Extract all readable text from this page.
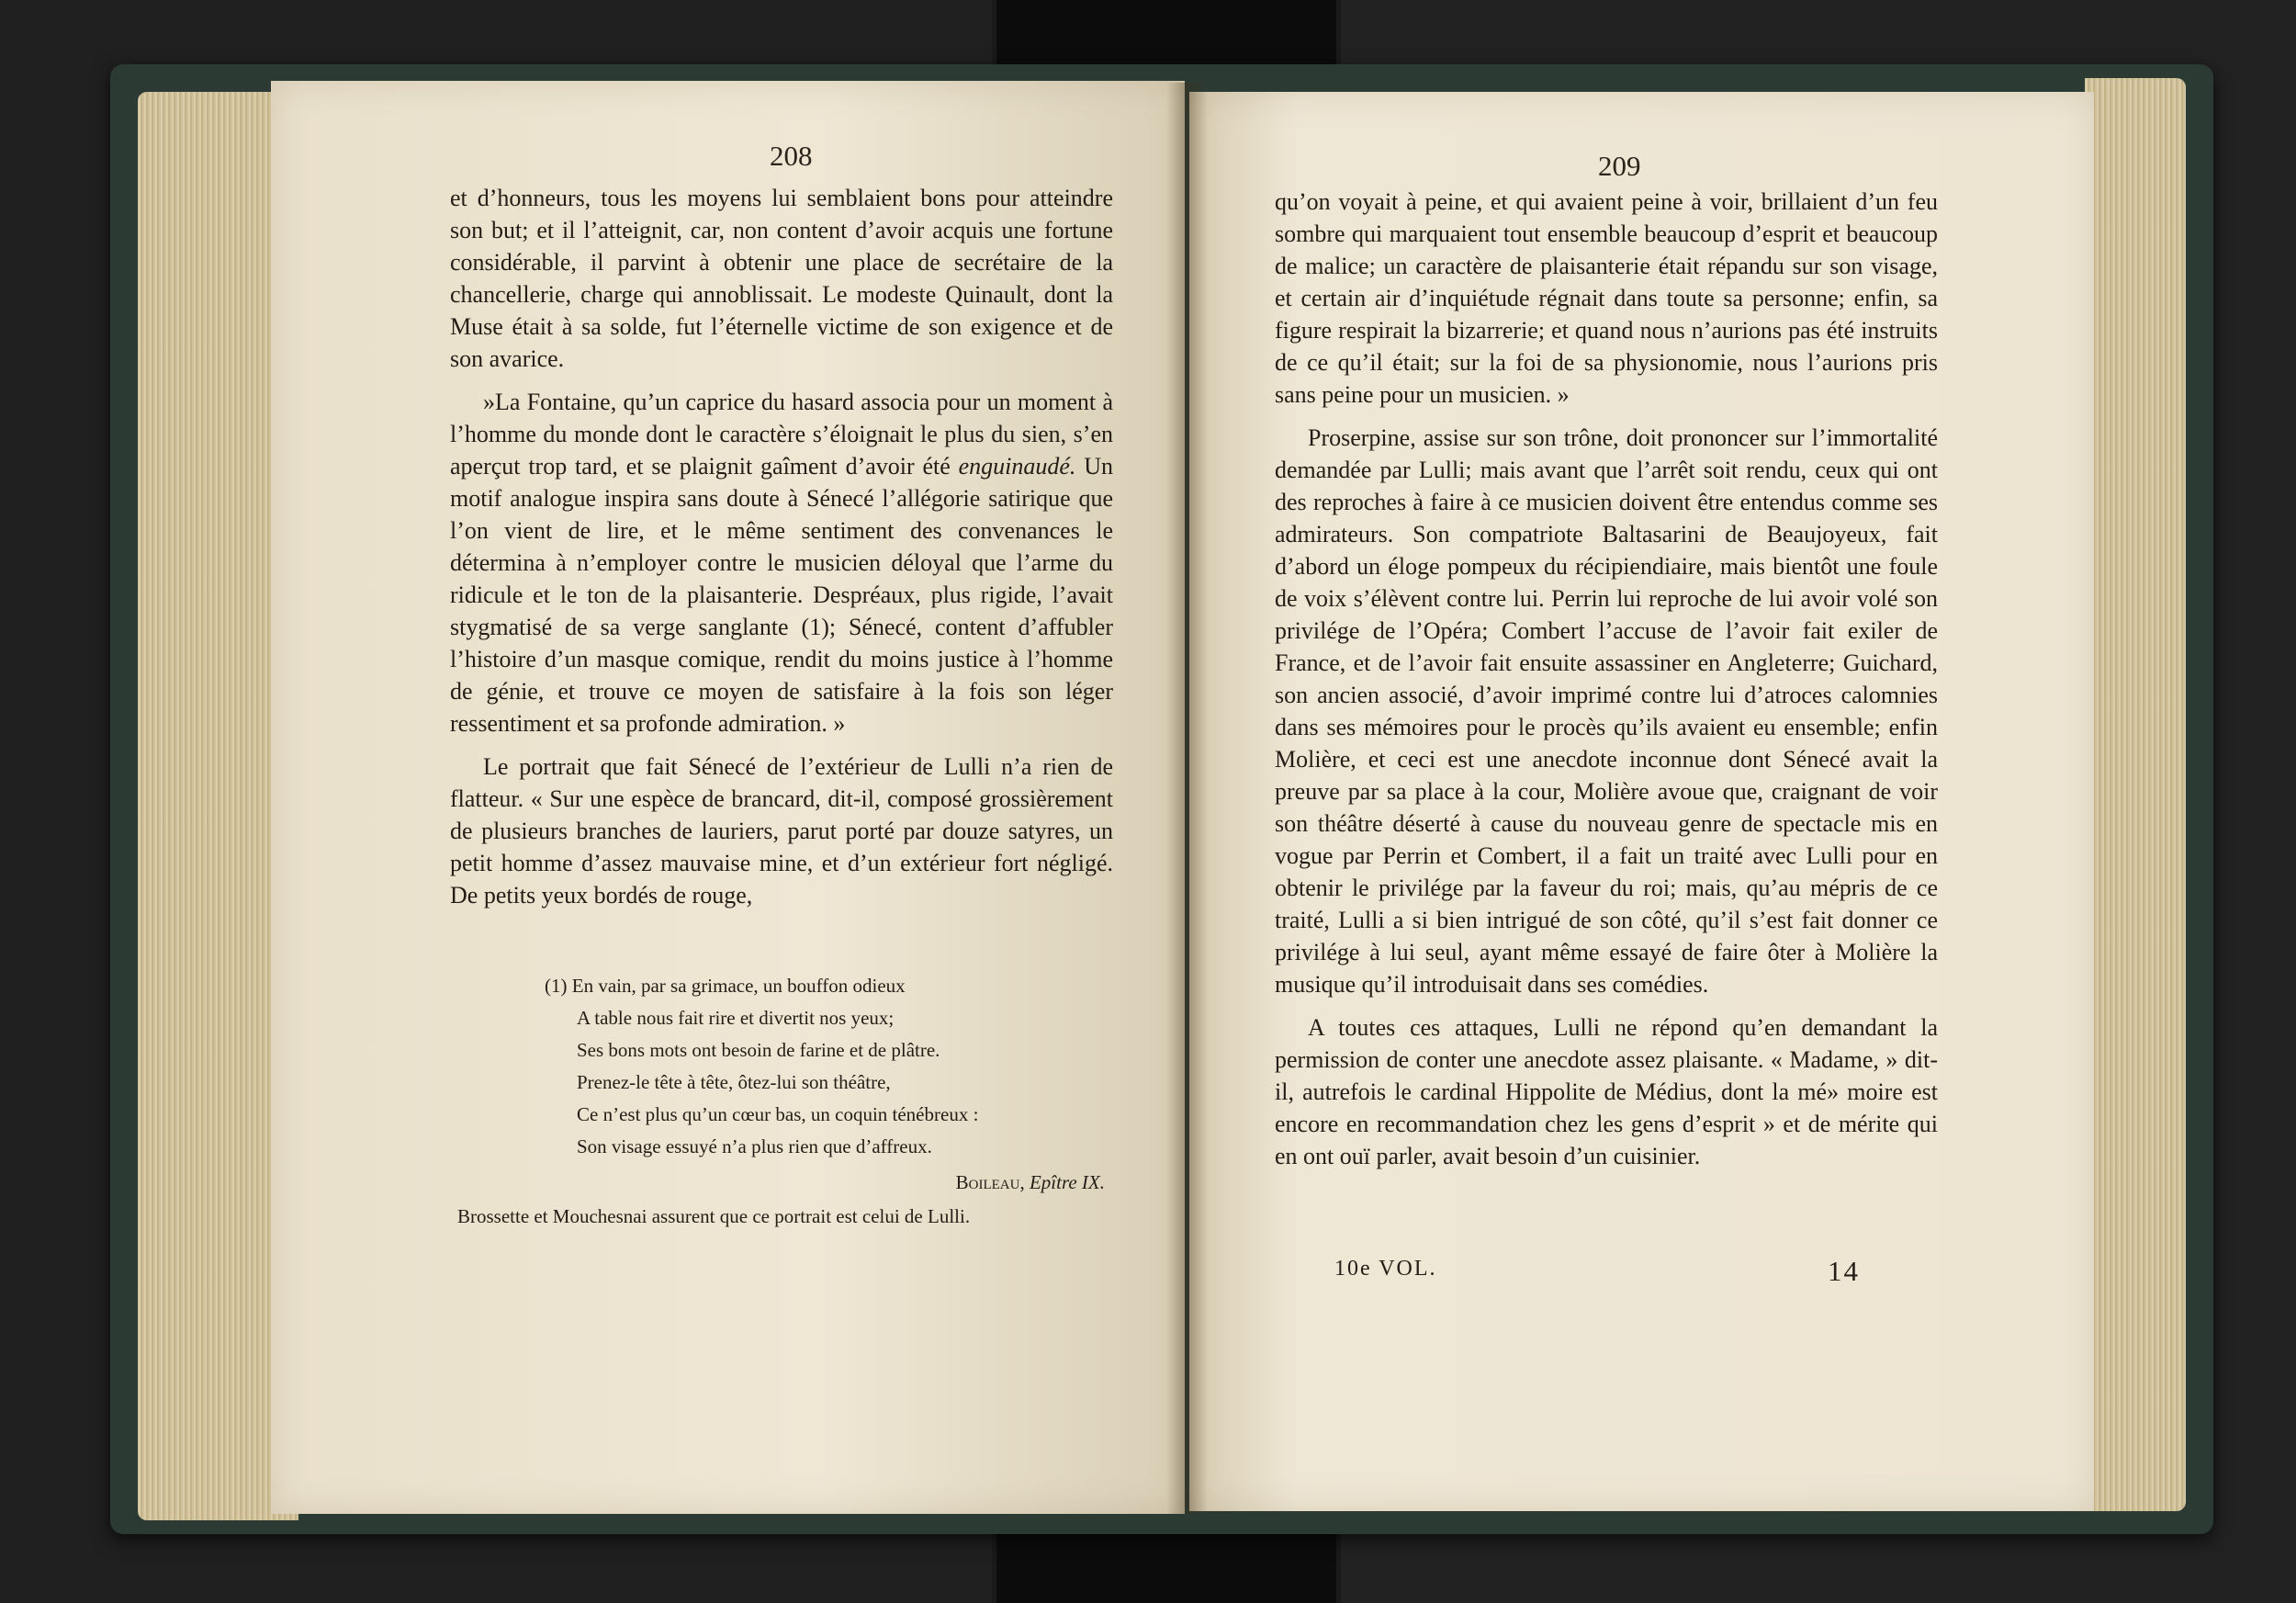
208

et d’honneurs, tous les moyens lui semblaient bons pour atteindre son but; et il l’atteignit, car, non content d’avoir acquis une fortune considérable, il parvint à obtenir une place de secrétaire de la chancellerie, charge qui annoblissait. Le modeste Quinault, dont la Muse était à sa solde, fut l’éternelle victime de son exigence et de son avarice.

»La Fontaine, qu’un caprice du hasard associa pour un moment à l’homme du monde dont le caractère s’éloignait le plus du sien, s’en aperçut trop tard, et se plaignit gaîment d’avoir été enguinaudé. Un motif analogue inspira sans doute à Sénecé l’allégorie satirique que l’on vient de lire, et le même sentiment des convenances le détermina à n’employer contre le musicien déloyal que l’arme du ridicule et le ton de la plaisanterie. Despréaux, plus rigide, l’avait stygmatisé de sa verge sanglante (1); Sénecé, content d’affubler l’histoire d’un masque comique, rendit du moins justice à l’homme de génie, et trouve ce moyen de satisfaire à la fois son léger ressentiment et sa profonde admiration. »

Le portrait que fait Sénecé de l’extérieur de Lulli n’a rien de flatteur. « Sur une espèce de brancard, dit-il, composé grossièrement de plusieurs branches de lauriers, parut porté par douze satyres, un petit homme d’assez mauvaise mine, et d’un extérieur fort négligé. De petits yeux bordés de rouge,

(1) En vain, par sa grimace, un bouffon odieux

A table nous fait rire et divertit nos yeux;

Ses bons mots ont besoin de farine et de plâtre.

Prenez-le tête à tête, ôtez-lui son théâtre,

Ce n’est plus qu’un cœur bas, un coquin ténébreux :

Son visage essuyé n’a plus rien que d’affreux.

Boileau, Epître IX.

Brossette et Mouchesnai assurent que ce portrait est celui de Lulli.

209

qu’on voyait à peine, et qui avaient peine à voir, brillaient d’un feu sombre qui marquaient tout ensemble beaucoup d’esprit et beaucoup de malice; un caractère de plaisanterie était répandu sur son visage, et certain air d’inquiétude régnait dans toute sa personne; enfin, sa figure respirait la bizarrerie; et quand nous n’aurions pas été instruits de ce qu’il était; sur la foi de sa physionomie, nous l’aurions pris sans peine pour un musicien. »

Proserpine, assise sur son trône, doit prononcer sur l’immortalité demandée par Lulli; mais avant que l’arrêt soit rendu, ceux qui ont des reproches à faire à ce musicien doivent être entendus comme ses admirateurs. Son compatriote Baltasarini de Beaujoyeux, fait d’abord un éloge pompeux du récipiendiaire, mais bientôt une foule de voix s’élèvent contre lui. Perrin lui reproche de lui avoir volé son privilége de l’Opéra; Combert l’accuse de l’avoir fait exiler de France, et de l’avoir fait ensuite assassiner en Angleterre; Guichard, son ancien associé, d’avoir imprimé contre lui d’atroces calomnies dans ses mémoires pour le procès qu’ils avaient eu ensemble; enfin Molière, et ceci est une anecdote inconnue dont Sénecé avait la preuve par sa place à la cour, Molière avoue que, craignant de voir son théâtre déserté à cause du nouveau genre de spectacle mis en vogue par Perrin et Combert, il a fait un traité avec Lulli pour en obtenir le privilége par la faveur du roi; mais, qu’au mépris de ce traité, Lulli a si bien intrigué de son côté, qu’il s’est fait donner ce privilége à lui seul, ayant même essayé de faire ôter à Molière la musique qu’il introduisait dans ses comédies.

A toutes ces attaques, Lulli ne répond qu’en demandant la permission de conter une anecdote assez plaisante. « Madame, » dit-il, autrefois le cardinal Hippolite de Médius, dont la mé» moire est encore en recommandation chez les gens d’esprit » et de mérite qui en ont ouï parler, avait besoin d’un cuisinier.

10e VOL.	14
